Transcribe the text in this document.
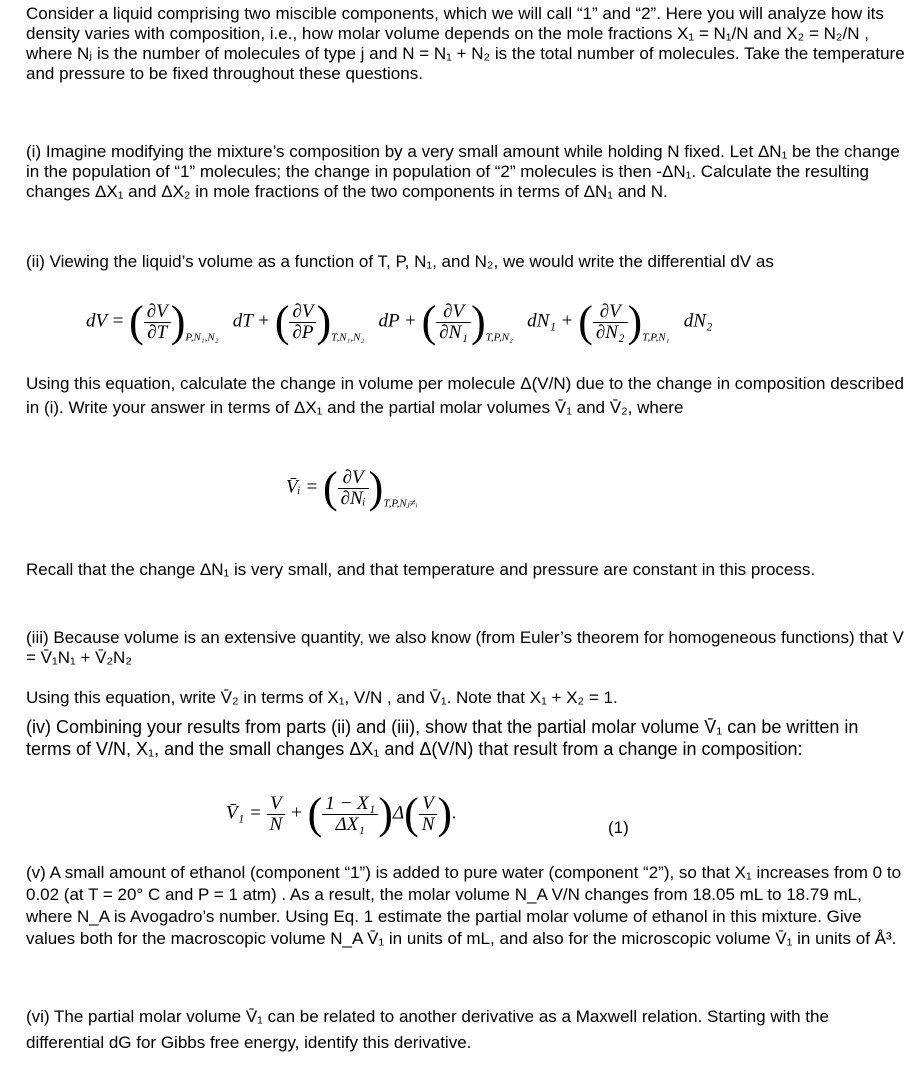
Consider a liquid comprising two miscible components, which we will call “1” and “2”. Here you will analyze how its density varies with composition, i.e., how molar volume depends on the mole fractions X₁ = N₁/N and X₂ = N₂/N , where Nⱼ is the number of molecules of type j and N = N₁ + N₂ is the total number of molecules. Take the temperature and pressure to be fixed throughout these questions.

(i) Imagine modifying the mixture’s composition by a very small amount while holding N fixed. Let ΔN₁ be the change in the population of “1” molecules; the change in population of “2” molecules is then -ΔN₁. Calculate the resulting changes ΔX₁ and ΔX₂ in mole fractions of the two components in terms of ΔN₁ and N.

(ii) Viewing the liquid’s volume as a function of T, P, N₁, and N₂, we would write the differential dV as

dV = ( $\frac{\partial V}{\partial T} )_{P,N_1,N_2}$   dT + ( $\frac{\partial V}{\partial P} )_{T,N_1,N_2}$   dP + ( $\frac{\partial V}{\text{∂N₁}} )_{T,P,N_2}$   dN₁ + ( $\frac{\partial V}{\text{∂N₂}} )_{T,P,N_1}$   dN₂

Using this equation, calculate the change in volume per molecule Δ(V/N) due to the change in composition described in (i). Write your answer in terms of ΔX₁ and the partial molar volumes V̄₁ and V̄₂, where

V̄ᵢ = ( $\frac{\partial V}{\text{∂Nᵢ}} )_{T,P,Nⱼ\ne ᵢ}$

Recall that the change ΔN₁ is very small, and that temperature and pressure are constant in this process.

(iii) Because volume is an extensive quantity, we also know (from Euler’s theorem for homogeneous functions) that V = V̄₁N₁ + V̄₂N₂

Using this equation, write V̄₂ in terms of X₁, V/N , and V̄₁. Note that X₁ + X₂ = 1.

(iv) Combining your results from parts (ii) and (iii), show that the partial molar volume V̄₁ can be written in terms of V/N, X₁, and the small changes ΔX₁ and Δ(V/N) that result from a change in composition:

V̄₁ = $\frac{V}{N}$ + ( $\frac{\text{1 − X₁}}{\text{ΔX₁}} )\Delta( \frac{V}{N}$ ).
(1)

(v) A small amount of ethanol (component “1”) is added to pure water (component “2”), so that X₁ increases from 0 to 0.02 (at T = 20° C and P = 1 atm) . As a result, the molar volume N_A V/N changes from 18.05 mL to 18.79 mL, where N_A is Avogadro’s number. Using Eq. 1 estimate the partial molar volume of ethanol in this mixture. Give values both for the macroscopic volume N_A V̄₁ in units of mL, and also for the microscopic volume V̄₁ in units of Å³.

(vi) The partial molar volume V̄₁ can be related to another derivative as a Maxwell relation. Starting with the differential dG for Gibbs free energy, identify this derivative.
